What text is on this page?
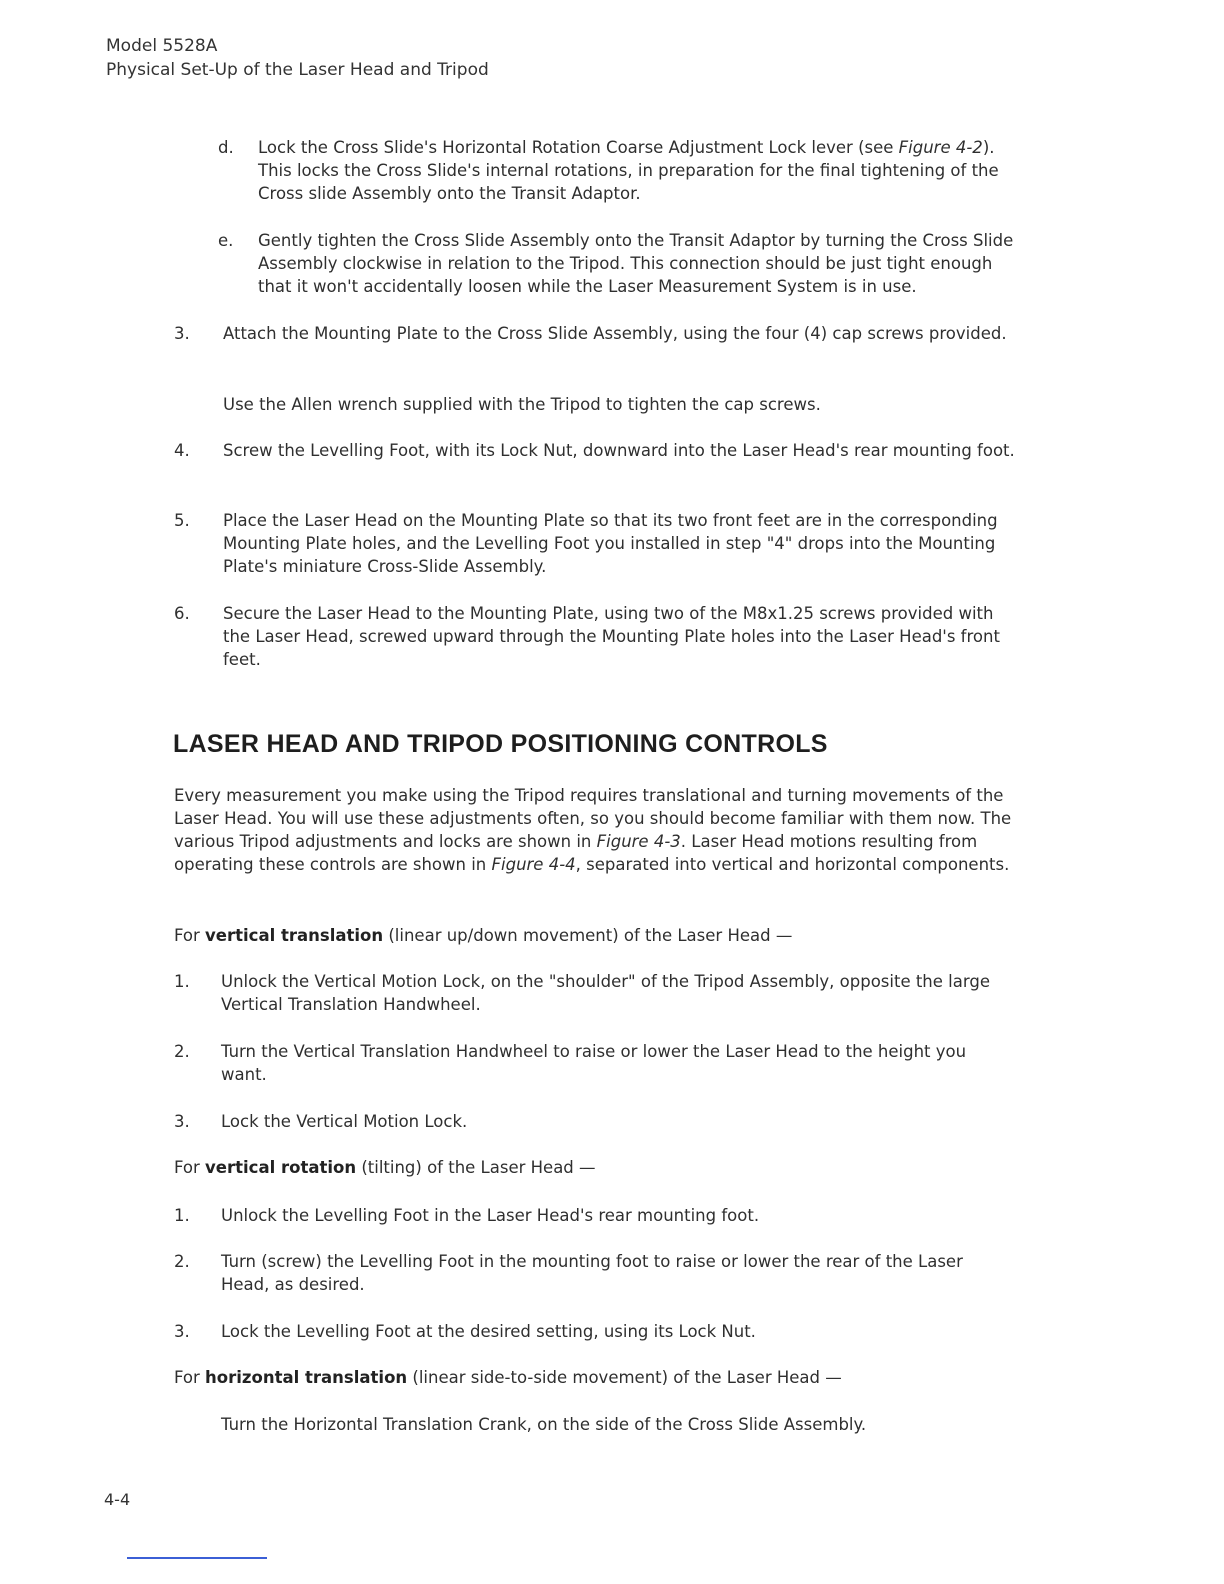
Model 5528A
Physical Set-Up of the Laser Head and Tripod
d. Lock the Cross Slide's Horizontal Rotation Coarse Adjustment Lock lever (see Figure 4-2). This locks the Cross Slide's internal rotations, in preparation for the final tightening of the Cross slide Assembly onto the Transit Adaptor.
e. Gently tighten the Cross Slide Assembly onto the Transit Adaptor by turning the Cross Slide Assembly clockwise in relation to the Tripod. This connection should be just tight enough that it won't accidentally loosen while the Laser Measurement System is in use.
3. Attach the Mounting Plate to the Cross Slide Assembly, using the four (4) cap screws provided.
Use the Allen wrench supplied with the Tripod to tighten the cap screws.
4. Screw the Levelling Foot, with its Lock Nut, downward into the Laser Head's rear mounting foot.
5. Place the Laser Head on the Mounting Plate so that its two front feet are in the corresponding Mounting Plate holes, and the Levelling Foot you installed in step "4" drops into the Mounting Plate's miniature Cross-Slide Assembly.
6. Secure the Laser Head to the Mounting Plate, using two of the M8x1.25 screws provided with the Laser Head, screwed upward through the Mounting Plate holes into the Laser Head's front feet.
LASER HEAD AND TRIPOD POSITIONING CONTROLS
Every measurement you make using the Tripod requires translational and turning movements of the Laser Head. You will use these adjustments often, so you should become familiar with them now. The various Tripod adjustments and locks are shown in Figure 4-3. Laser Head motions resulting from operating these controls are shown in Figure 4-4, separated into vertical and horizontal components.
For vertical translation (linear up/down movement) of the Laser Head —
1. Unlock the Vertical Motion Lock, on the "shoulder" of the Tripod Assembly, opposite the large Vertical Translation Handwheel.
2. Turn the Vertical Translation Handwheel to raise or lower the Laser Head to the height you want.
3. Lock the Vertical Motion Lock.
For vertical rotation (tilting) of the Laser Head —
1. Unlock the Levelling Foot in the Laser Head's rear mounting foot.
2. Turn (screw) the Levelling Foot in the mounting foot to raise or lower the rear of the Laser Head, as desired.
3. Lock the Levelling Foot at the desired setting, using its Lock Nut.
For horizontal translation (linear side-to-side movement) of the Laser Head —
Turn the Horizontal Translation Crank, on the side of the Cross Slide Assembly.
4-4
